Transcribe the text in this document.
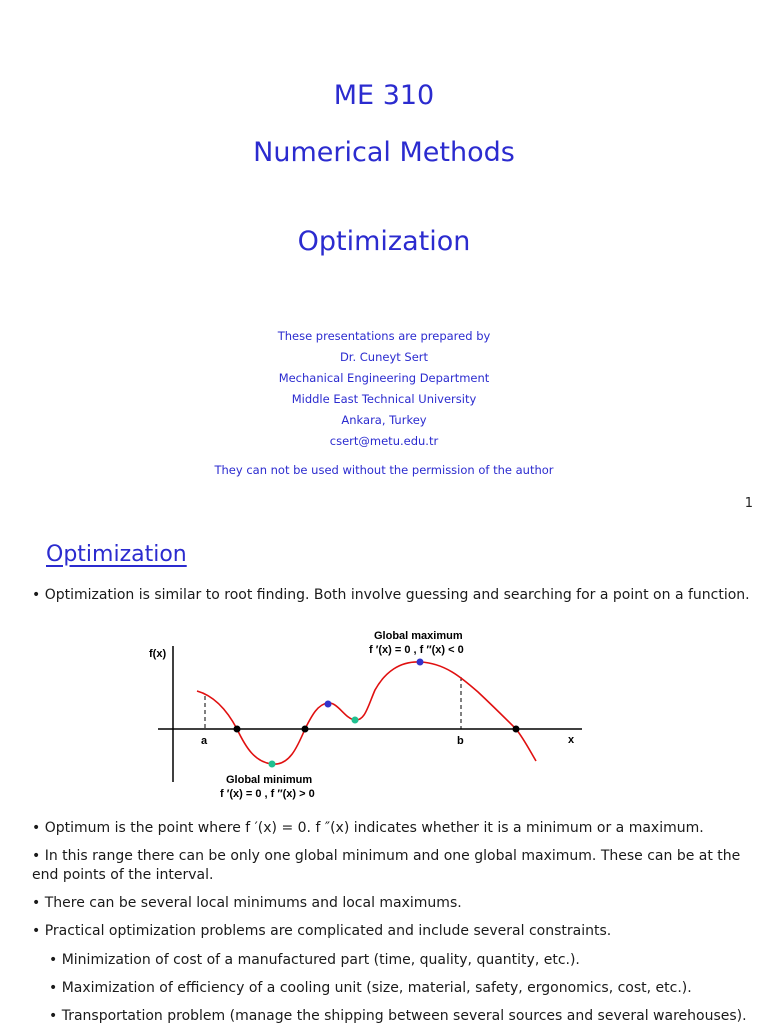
ME 310
Numerical Methods
Optimization
These presentations are prepared by
Dr. Cuneyt Sert
Mechanical Engineering Department
Middle East Technical University
Ankara, Turkey
csert@metu.edu.tr
They can not be used without the permission of the author
1
Optimization
• Optimization is similar to root finding. Both involve guessing and searching for a point on a function.
f(x)
x
a	b
Global maximum
f ′(x) = 0 , f ″(x) < 0
Global minimum
f ′(x) = 0 , f ″(x) > 0
• Optimum is the point where f ′(x) = 0. f ″(x) indicates whether it is a minimum or a maximum.
• In this range there can be only one global minimum and one global maximum. These can be at the end points of the interval.
• There can be several local minimums and local maximums.
• Practical optimization problems are complicated and include several constraints.
• Minimization of cost of a manufactured part (time, quality, quantity, etc.).
• Maximization of efficiency of a cooling unit (size, material, safety, ergonomics, cost, etc.).
• Transportation problem (manage the shipping between several sources and several warehouses).
